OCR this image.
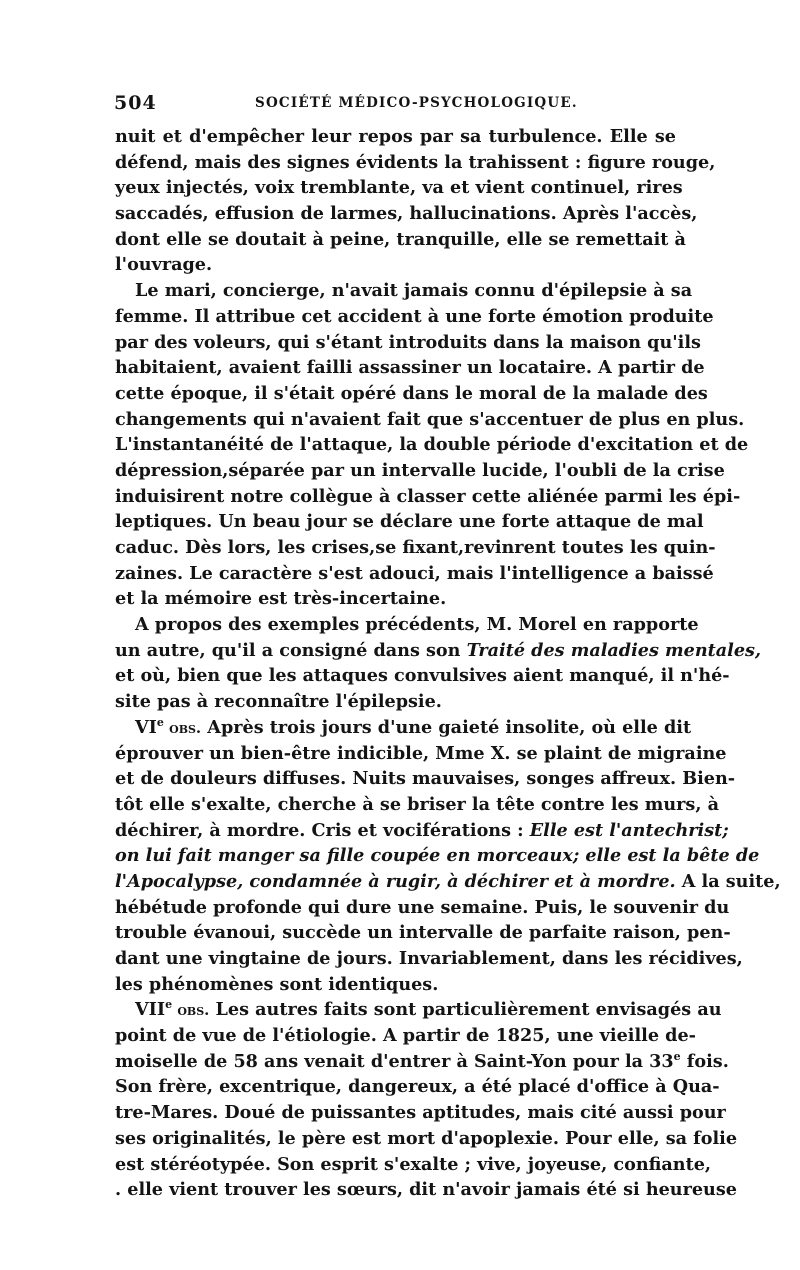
504	SOCIÉTÉ MÉDICO-PSYCHOLOGIQUE.
nuit et d'empêcher leur repos par sa turbulence. Elle se
défend, mais des signes évidents la trahissent : figure rouge,
yeux injectés, voix tremblante, va et vient continuel, rires
saccadés, effusion de larmes, hallucinations. Après l'accès,
dont elle se doutait à peine, tranquille, elle se remettait à
l'ouvrage.
Le mari, concierge, n'avait jamais connu d'épilepsie à sa
femme. Il attribue cet accident à une forte émotion produite
par des voleurs, qui s'étant introduits dans la maison qu'ils
habitaient, avaient failli assassiner un locataire. A partir de
cette époque, il s'était opéré dans le moral de la malade des
changements qui n'avaient fait que s'accentuer de plus en plus.
L'instantanéité de l'attaque, la double période d'excitation et de
dépression,séparée par un intervalle lucide, l'oubli de la crise
induisirent notre collègue à classer cette aliénée parmi les épi-
leptiques. Un beau jour se déclare une forte attaque de mal
caduc. Dès lors, les crises,se fixant,revinrent toutes les quin-
zaines. Le caractère s'est adouci, mais l'intelligence a baissé
et la mémoire est très-incertaine.
A propos des exemples précédents, M. Morel en rapporte
un autre, qu'il a consigné dans son Traité des maladies mentales,
et où, bien que les attaques convulsives aient manqué, il n'hé-
site pas à reconnaître l'épilepsie.
VIe obs. Après trois jours d'une gaieté insolite, où elle dit
éprouver un bien-être indicible, Mme X. se plaint de migraine
et de douleurs diffuses. Nuits mauvaises, songes affreux. Bien-
tôt elle s'exalte, cherche à se briser la tête contre les murs, à
déchirer, à mordre. Cris et vociférations : Elle est l'antechrist;
on lui fait manger sa fille coupée en morceaux; elle est la bête de
l'Apocalypse, condamnée à rugir, à déchirer et à mordre. A la suite,
hébétude profonde qui dure une semaine. Puis, le souvenir du
trouble évanoui, succède un intervalle de parfaite raison, pen-
dant une vingtaine de jours. Invariablement, dans les récidives,
les phénomènes sont identiques.
VIIe obs. Les autres faits sont particulièrement envisagés au
point de vue de l'étiologie. A partir de 1825, une vieille de-
moiselle de 58 ans venait d'entrer à Saint-Yon pour la 33e fois.
Son frère, excentrique, dangereux, a été placé d'office à Qua-
tre-Mares. Doué de puissantes aptitudes, mais cité aussi pour
ses originalités, le père est mort d'apoplexie. Pour elle, sa folie
est stéréotypée. Son esprit s'exalte ; vive, joyeuse, confiante,
. elle vient trouver les sœurs, dit n'avoir jamais été si heureuse
